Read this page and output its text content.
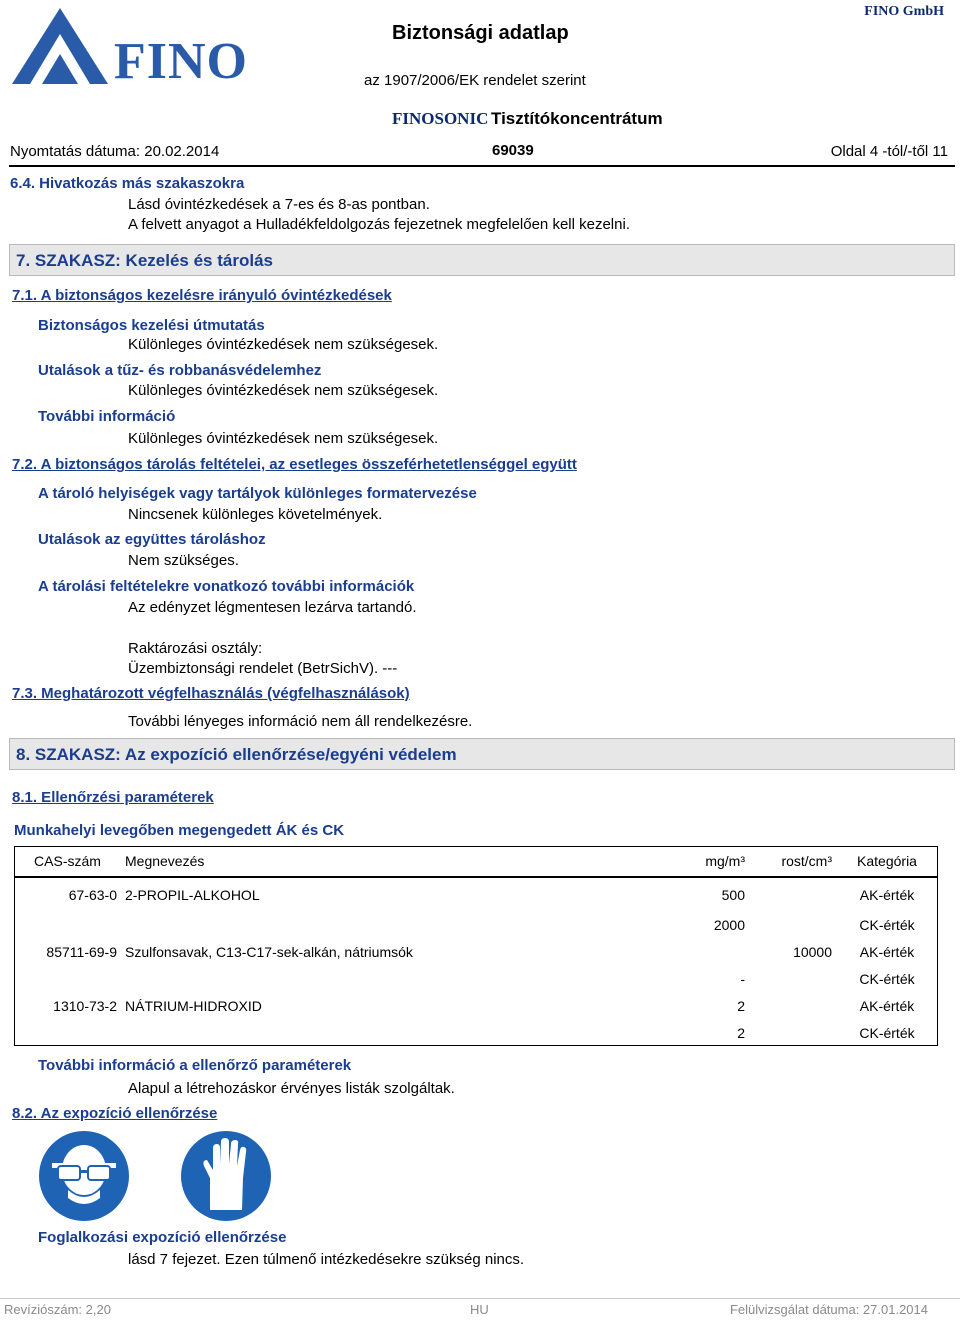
FINO	Biztonsági adatlap
FINO GmbH
az 1907/2006/EK rendelet szerint
FINOSONIC Tisztítókoncentrátum
Nyomtatás dátuma: 20.02.2014	69039	Oldal 4 -tól/-től 11
6.4. Hivatkozás más szakaszokra
Lásd óvintézkedések a 7-es és 8-as pontban.
A felvett anyagot a Hulladékfeldolgozás fejezetnek megfelelően kell kezelni.
7. SZAKASZ: Kezelés és tárolás
7.1. A biztonságos kezelésre irányuló óvintézkedések
Biztonságos kezelési útmutatás
Különleges óvintézkedések nem szükségesek.
Utalások a tűz- és robbanásvédelemhez
Különleges óvintézkedések nem szükségesek.
További információ
Különleges óvintézkedések nem szükségesek.
7.2. A biztonságos tárolás feltételei, az esetleges összeférhetetlenséggel együtt
A tároló helyiségek vagy tartályok különleges formatervezése
Nincsenek különleges követelmények.
Utalások az együttes tároláshoz
Nem szükséges.
A tárolási feltételekre vonatkozó további információk
Az edényzet légmentesen lezárva tartandó.
Raktározási osztály:
Üzembiztonsági rendelet (BetrSichV). ---
7.3. Meghatározott végfelhasználás (végfelhasználások)
További lényeges információ nem áll rendelkezésre.
8. SZAKASZ: Az expozíció ellenőrzése/egyéni védelem
8.1. Ellenőrzési paraméterek
Munkahelyi levegőben megengedett ÁK és CK
CAS-szám	Megnevezés	mg/m³	rost/cm³	Kategória
67-63-0	2-PROPIL-ALKOHOL	500		AK-érték
		2000		CK-érték
85711-69-9	Szulfonsavak, C13-C17-sek-alkán, nátriumsók		10000	AK-érték
		-		CK-érték
1310-73-2	NÁTRIUM-HIDROXID	2		AK-érték
		2		CK-érték
További információ a ellenőrző paraméterek
Alapul a létrehozáskor érvényes listák szolgáltak.
8.2. Az expozíció ellenőrzése
Foglalkozási expozíció ellenőrzése
lásd 7 fejezet. Ezen túlmenő intézkedésekre szükség nincs.
Revíziószám: 2,20	HU	Felülvizsgálat dátuma: 27.01.2014
